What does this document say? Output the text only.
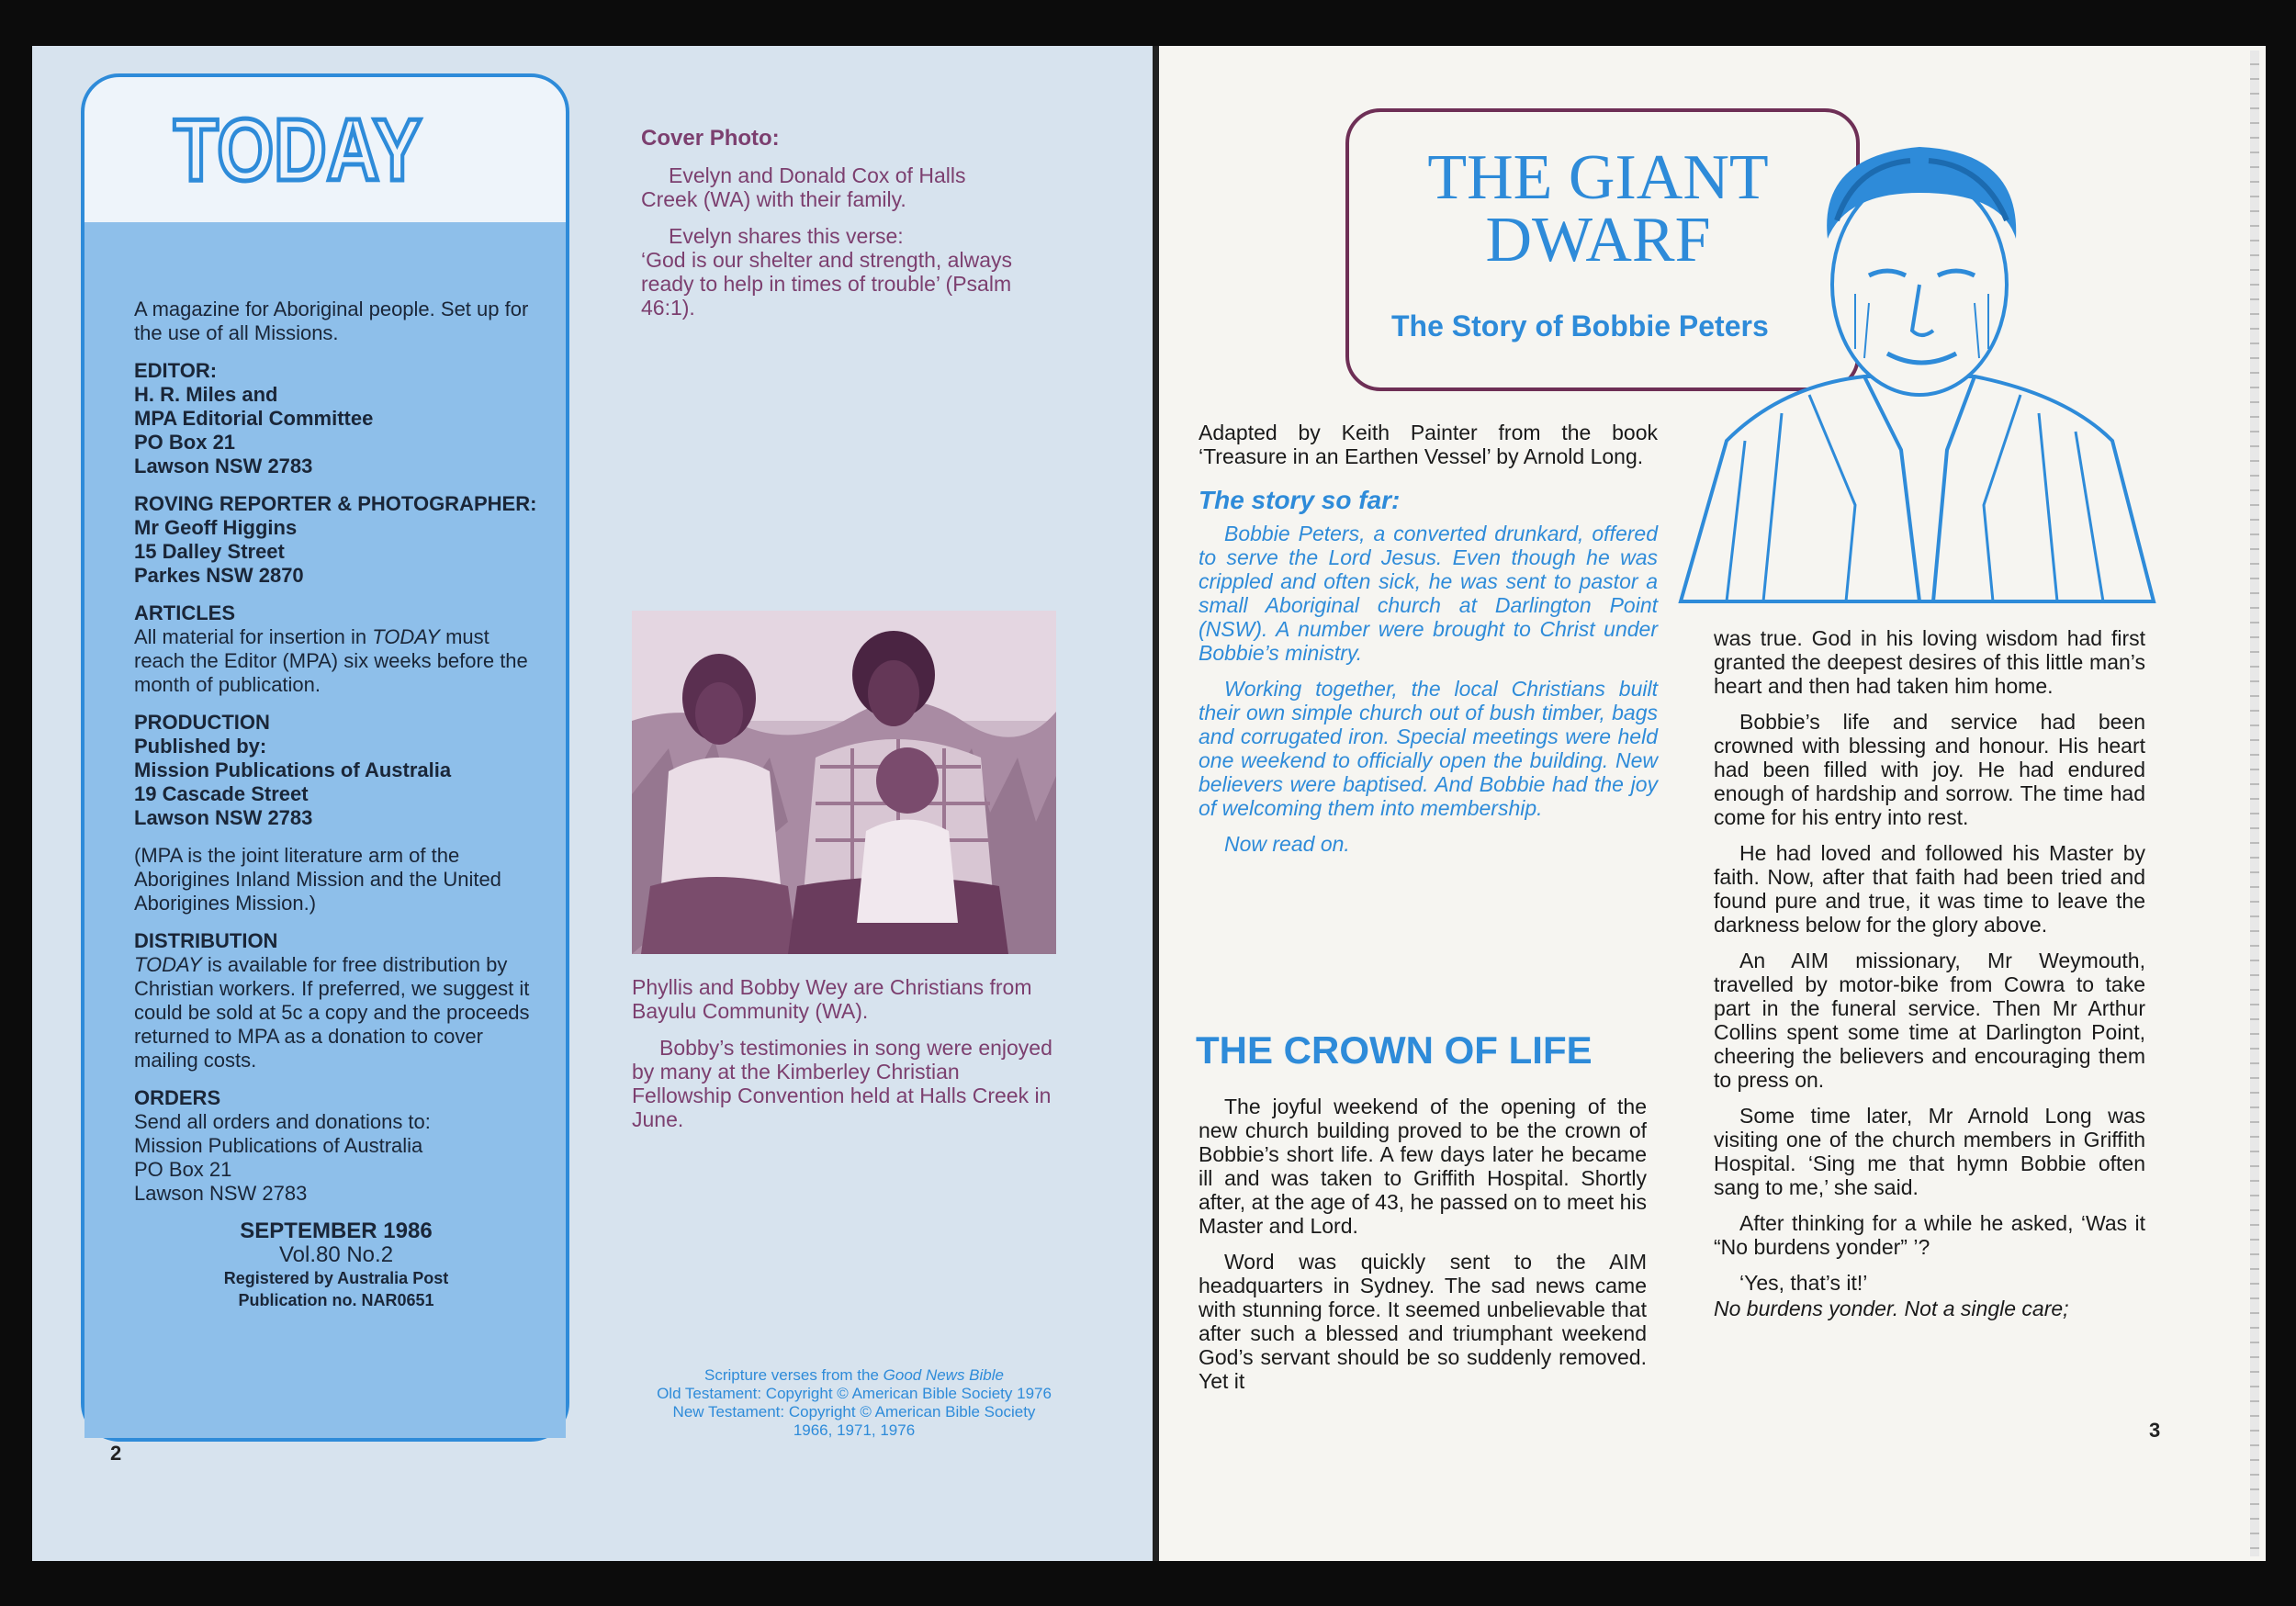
TODAY

A magazine for Aboriginal people. Set up for the use of all Missions.

EDITOR:
H. R. Miles and
MPA Editorial Committee
PO Box 21
Lawson NSW 2783

ROVING REPORTER & PHOTOGRAPHER:
Mr Geoff Higgins
15 Dalley Street
Parkes NSW 2870

ARTICLES
All material for insertion in TODAY must reach the Editor (MPA) six weeks before the month of publication.

PRODUCTION
Published by:
Mission Publications of Australia
19 Cascade Street
Lawson NSW 2783

(MPA is the joint literature arm of the Aborigines Inland Mission and the United Aborigines Mission.)

DISTRIBUTION
TODAY is available for free distribution by Christian workers. If preferred, we suggest it could be sold at 5c a copy and the proceeds returned to MPA as a donation to cover mailing costs.

ORDERS
Send all orders and donations to:
Mission Publications of Australia
PO Box 21
Lawson NSW 2783

SEPTEMBER 1986
Vol.80 No.2
Registered by Australia Post
Publication no. NAR0651
2

Cover Photo:

Evelyn and Donald Cox of Halls Creek (WA) with their family.

Evelyn shares this verse:

‘God is our shelter and strength, always ready to help in times of trouble’ (Psalm 46:1).

Phyllis and Bobby Wey are Christians from Bayulu Community (WA).

Bobby’s testimonies in song were enjoyed by many at the Kimberley Christian Fellowship Convention held at Halls Creek in June.

Scripture verses from the Good News Bible
Old Testament: Copyright © American Bible Society 1976
New Testament: Copyright © American Bible Society
1966, 1971, 1976
THE GIANT
DWARF
The Story of Bobbie Peters

Adapted by Keith Painter from the book ‘Treasure in an Earthen Vessel’ by Arnold Long.

The story so far:

Bobbie Peters, a converted drunkard, offered to serve the Lord Jesus. Even though he was crippled and often sick, he was sent to pastor a small Aboriginal church at Darlington Point (NSW). A number were brought to Christ under Bobbie’s ministry.

Working together, the local Christians built their own simple church out of bush timber, bags and corrugated iron. Special meetings were held one weekend to officially open the building. New believers were baptised. And Bobbie had the joy of welcoming them into membership.

Now read on.

THE CROWN OF LIFE

The joyful weekend of the opening of the new church building proved to be the crown of Bobbie’s short life. A few days later he became ill and was taken to Griffith Hospital. Shortly after, at the age of 43, he passed on to meet his Master and Lord.

Word was quickly sent to the AIM headquarters in Sydney. The sad news came with stunning force. It seemed unbelievable that after such a blessed and triumphant weekend God’s servant should be so suddenly removed. Yet it

was true. God in his loving wisdom had first granted the deepest desires of this little man’s heart and then had taken him home.

Bobbie’s life and service had been crowned with blessing and honour. His heart had been filled with joy. He had endured enough of hardship and sorrow. The time had come for his entry into rest.

He had loved and followed his Master by faith. Now, after that faith had been tried and found pure and true, it was time to leave the darkness below for the glory above.

An AIM missionary, Mr Weymouth, travelled by motor-bike from Cowra to take part in the funeral service. Then Mr Arthur Collins spent some time at Darlington Point, cheering the believers and encouraging them to press on.

Some time later, Mr Arnold Long was visiting one of the church members in Griffith Hospital. ‘Sing me that hymn Bobbie often sang to me,’ she said.

After thinking for a while he asked, ‘Was it “No burdens yonder” ’?

‘Yes, that’s it!’

No burdens yonder. Not a single care;

3
